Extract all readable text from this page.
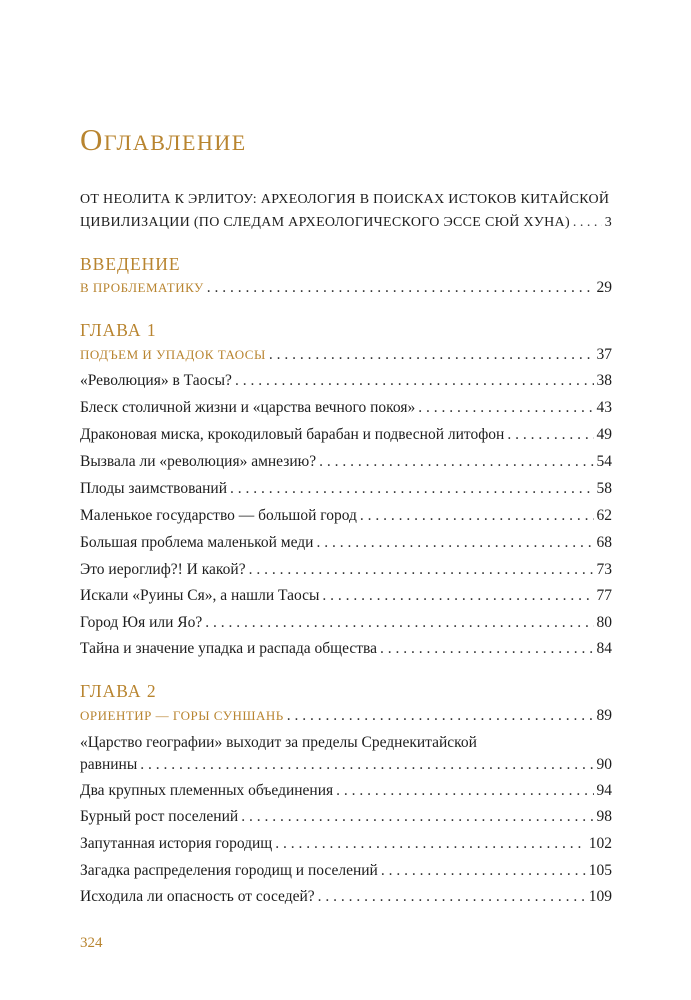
Оглавление
ОТ НЕОЛИТА К ЭРЛИТОУ: АРХЕОЛОГИЯ В ПОИСКАХ ИСТОКОВ КИТАЙСКОЙ
ЦИВИЛИЗАЦИИ (ПО СЛЕДАМ АРХЕОЛОГИЧЕСКОГО ЭССЕ СЮЙ ХУНА) . . . 3
ВВЕДЕНИЕ
В ПРОБЛЕМАТИКУ . . .	29
ГЛАВА 1
ПОДЪЕМ И УПАДОК ТАОСЫ . . .	37
«Революция» в Таосы? . . .	38
Блеск столичной жизни и «царства вечного покоя» . . .	43
Драконовая миска, крокодиловый барабан и подвесной литофон . . .	49
Вызвала ли «революция» амнезию? . . .	54
Плоды заимствований . . .	58
Маленькое государство — большой город . . .	62
Большая проблема маленькой меди . . .	68
Это иероглиф?! И какой? . . .	73
Искали «Руины Ся», а нашли Таосы . . .	77
Город Юя или Яо? . . .	80
Тайна и значение упадка и распада общества . . .	84
ГЛАВА 2
ОРИЕНТИР — ГОРЫ СУНШАНЬ . . .	89
«Царство географии» выходит за пределы Среднекитайской
равнины . . .	90
Два крупных племенных объединения . . .	94
Бурный рост поселений . . .	98
Запутанная история городищ . . .	102
Загадка распределения городищ и поселений . . .	105
Исходила ли опасность от соседей? . . .	109
324
